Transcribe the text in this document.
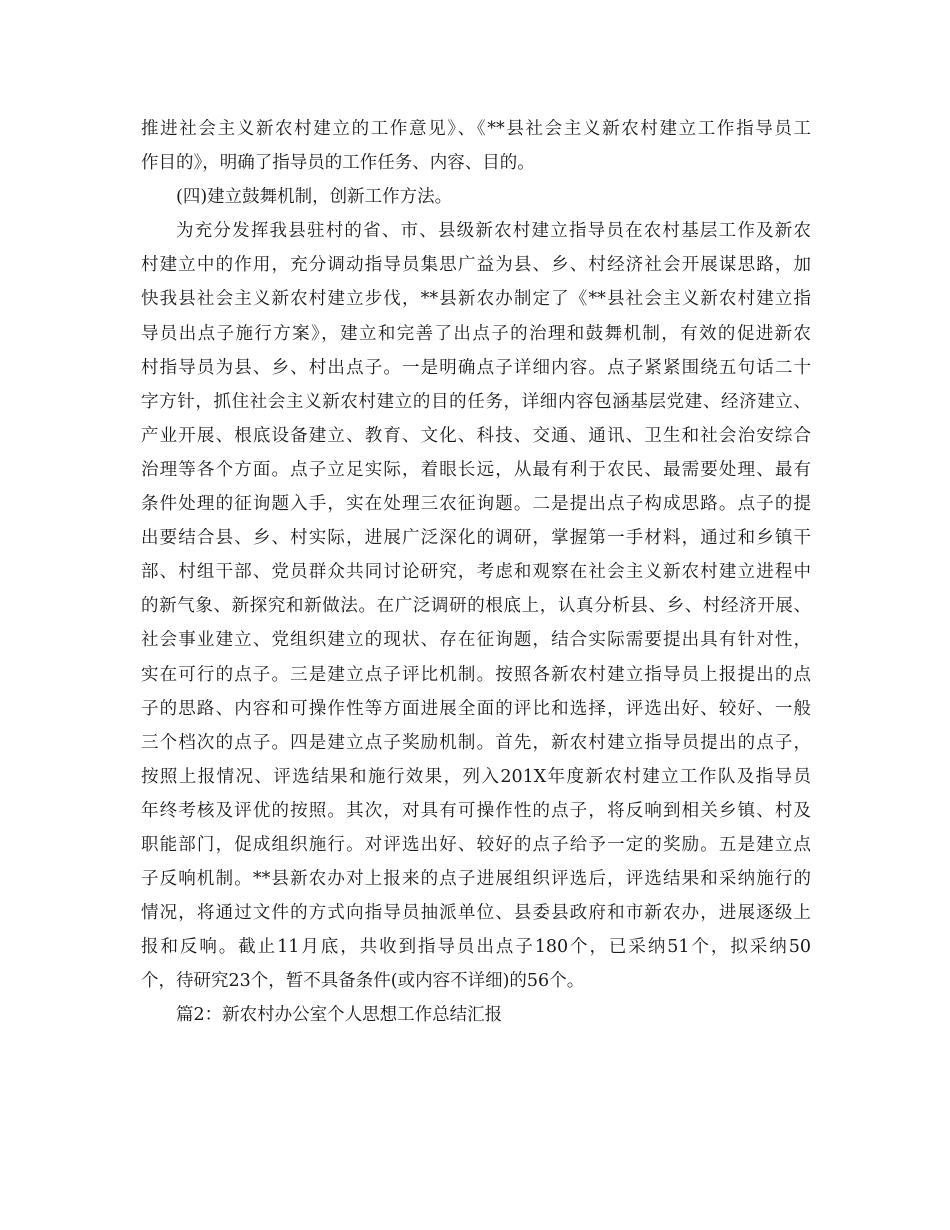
推进社会主义新农村建立的工作意见》、《**县社会主义新农村建立工作指导员工
作目的》，明确了指导员的工作任务、内容、目的。
(四)建立鼓舞机制，创新工作方法。
为充分发挥我县驻村的省、市、县级新农村建立指导员在农村基层工作及新农
村建立中的作用，充分调动指导员集思广益为县、乡、村经济社会开展谋思路，加
快我县社会主义新农村建立步伐，**县新农办制定了《**县社会主义新农村建立指
导员出点子施行方案》，建立和完善了出点子的治理和鼓舞机制，有效的促进新农
村指导员为县、乡、村出点子。一是明确点子详细内容。点子紧紧围绕五句话二十
字方针，抓住社会主义新农村建立的目的任务，详细内容包涵基层党建、经济建立、
产业开展、根底设备建立、教育、文化、科技、交通、通讯、卫生和社会治安综合
治理等各个方面。点子立足实际，着眼长远，从最有利于农民、最需要处理、最有
条件处理的征询题入手，实在处理三农征询题。二是提出点子构成思路。点子的提
出要结合县、乡、村实际，进展广泛深化的调研，掌握第一手材料，通过和乡镇干
部、村组干部、党员群众共同讨论研究，考虑和观察在社会主义新农村建立进程中
的新气象、新探究和新做法。在广泛调研的根底上，认真分析县、乡、村经济开展、
社会事业建立、党组织建立的现状、存在征询题，结合实际需要提出具有针对性，
实在可行的点子。三是建立点子评比机制。按照各新农村建立指导员上报提出的点
子的思路、内容和可操作性等方面进展全面的评比和选择，评选出好、较好、一般
三个档次的点子。四是建立点子奖励机制。首先，新农村建立指导员提出的点子，
按照上报情况、评选结果和施行效果，列入201X年度新农村建立工作队及指导员
年终考核及评优的按照。其次，对具有可操作性的点子，将反响到相关乡镇、村及
职能部门，促成组织施行。对评选出好、较好的点子给予一定的奖励。五是建立点
子反响机制。**县新农办对上报来的点子进展组织评选后，评选结果和采纳施行的
情况，将通过文件的方式向指导员抽派单位、县委县政府和市新农办，进展逐级上
报和反响。截止11月底，共收到指导员出点子180个，已采纳51个，拟采纳50
个，待研究23个，暂不具备条件(或内容不详细)的56个。
篇2：新农村办公室个人思想工作总结汇报
